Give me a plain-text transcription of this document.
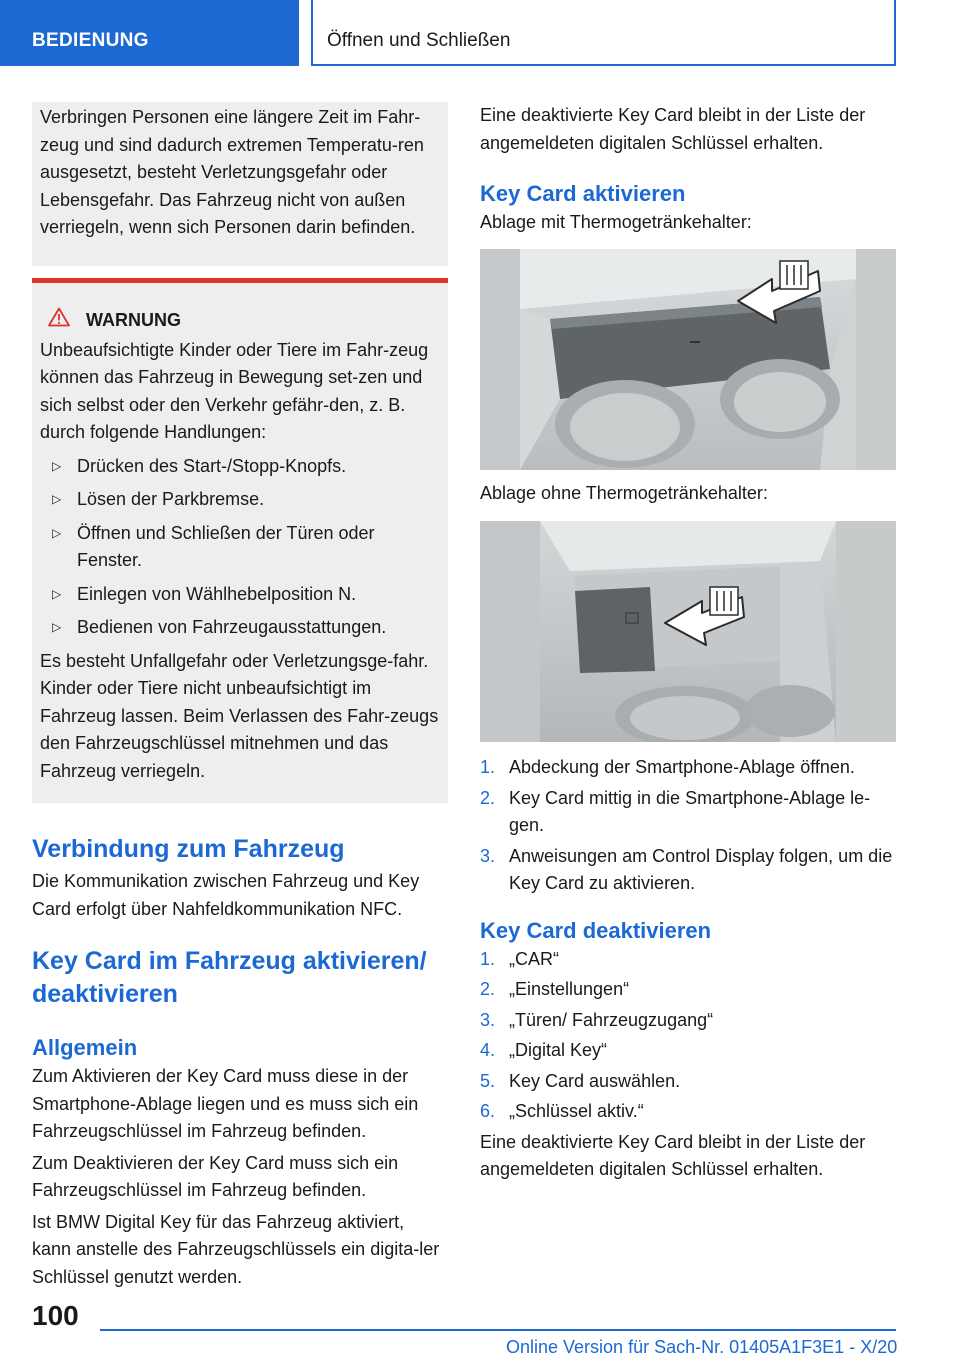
BEDIENUNG	Öffnen und Schließen

Verbringen Personen eine längere Zeit im Fahr-zeug und sind dadurch extremen Temperatu-ren ausgesetzt, besteht Verletzungsgefahr oder Lebensgefahr. Das Fahrzeug nicht von außen verriegeln, wenn sich Personen darin befinden.

WARNUNG

Unbeaufsichtigte Kinder oder Tiere im Fahr-zeug können das Fahrzeug in Bewegung set-zen und sich selbst oder den Verkehr gefähr-den, z. B. durch folgende Handlungen:

▷ Drücken des Start-/Stopp-Knopfs.
▷ Lösen der Parkbremse.
▷ Öffnen und Schließen der Türen oder Fenster.
▷ Einlegen von Wählhebelposition N.
▷ Bedienen von Fahrzeugausstattungen.

Es besteht Unfallgefahr oder Verletzungsge-fahr. Kinder oder Tiere nicht unbeaufsichtigt im Fahrzeug lassen. Beim Verlassen des Fahr-zeugs den Fahrzeugschlüssel mitnehmen und das Fahrzeug verriegeln.

Verbindung zum Fahrzeug

Die Kommunikation zwischen Fahrzeug und Key Card erfolgt über Nahfeldkommunikation NFC.

Key Card im Fahrzeug aktivieren/ deaktivieren
Allgemein

Zum Aktivieren der Key Card muss diese in der Smartphone-Ablage liegen und es muss sich ein Fahrzeugschlüssel im Fahrzeug befinden.

Zum Deaktivieren der Key Card muss sich ein Fahrzeugschlüssel im Fahrzeug befinden.

Ist BMW Digital Key für das Fahrzeug aktiviert, kann anstelle des Fahrzeugschlüssels ein digita-ler Schlüssel genutzt werden.

Eine deaktivierte Key Card bleibt in der Liste der angemeldeten digitalen Schlüssel erhalten.

Key Card aktivieren

Ablage mit Thermogetränkehalter:

Ablage ohne Thermogetränkehalter:

1. Abdeckung der Smartphone-Ablage öffnen.
2. Key Card mittig in die Smartphone-Ablage le-gen.
3. Anweisungen am Control Display folgen, um die Key Card zu aktivieren.
Key Card deaktivieren
1. „CAR“
2. „Einstellungen“
3. „Türen/ Fahrzeugzugang“
4. „Digital Key“
5. Key Card auswählen.
6. „Schlüssel aktiv.“

Eine deaktivierte Key Card bleibt in der Liste der angemeldeten digitalen Schlüssel erhalten.

100
Online Version für Sach-Nr. 01405A1F3E1 - X/20
